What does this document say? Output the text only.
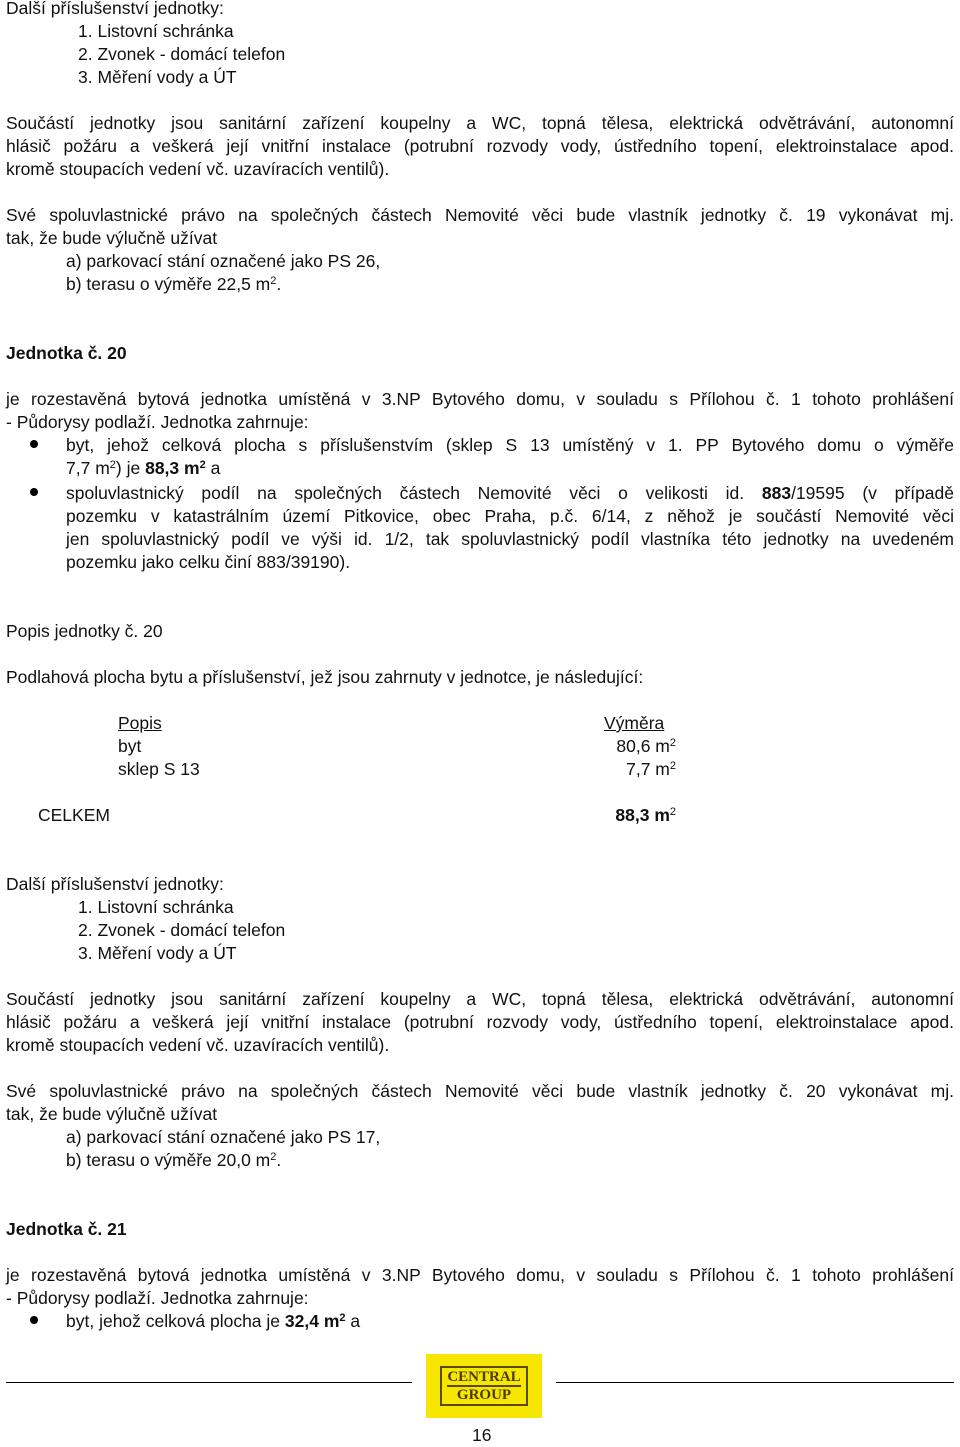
Další příslušenství jednotky:
1. Listovní schránka
2. Zvonek - domácí telefon
3. Měření vody a ÚT
Součástí jednotky jsou sanitární zařízení koupelny a WC, topná tělesa, elektrická odvětrávání, autonomní
hlásič požáru a veškerá její vnitřní instalace (potrubní rozvody vody, ústředního topení, elektroinstalace apod.
kromě stoupacích vedení vč. uzavíracích ventilů).
Své spoluvlastnické právo na společných částech Nemovité věci bude vlastník jednotky č. 19 vykonávat mj.
tak, že bude výlučně užívat
a) parkovací stání označené jako PS 26,
b) terasu o výměře 22,5 $m^2$.
Jednotka č. 20
je rozestavěná bytová jednotka umístěná v 3.NP Bytového domu, v souladu s Přílohou č. 1 tohoto prohlášení
- Půdorysy podlaží. Jednotka zahrnuje:
byt, jehož celková plocha s příslušenstvím (sklep S 13 umístěný v 1. PP Bytového domu o výměře
7,7 $m^2$) je 88,3 $m^2$ a
spoluvlastnický podíl na společných částech Nemovité věci o velikosti id. 883/19595 (v případě
pozemku v katastrálním území Pitkovice, obec Praha, p.č. 6/14, z něhož je součástí Nemovité věci
jen spoluvlastnický podíl ve výši id. 1/2, tak spoluvlastnický podíl vlastníka této jednotky na uvedeném
pozemku jako celku činí 883/39190).
Popis jednotky č. 20
Podlahová plocha bytu a příslušenství, jež jsou zahrnuty v jednotce, je následující:
Popis	Výměra
byt	80,6 $m^2$
sklep S 13	7,7 $m^2$
CELKEM	88,3 $m^2$
Další příslušenství jednotky:
1. Listovní schránka
2. Zvonek - domácí telefon
3. Měření vody a ÚT
Součástí jednotky jsou sanitární zařízení koupelny a WC, topná tělesa, elektrická odvětrávání, autonomní
hlásič požáru a veškerá její vnitřní instalace (potrubní rozvody vody, ústředního topení, elektroinstalace apod.
kromě stoupacích vedení vč. uzavíracích ventilů).
Své spoluvlastnické právo na společných částech Nemovité věci bude vlastník jednotky č. 20 vykonávat mj.
tak, že bude výlučně užívat
a) parkovací stání označené jako PS 17,
b) terasu o výměře 20,0 $m^2$.
Jednotka č. 21
je rozestavěná bytová jednotka umístěná v 3.NP Bytového domu, v souladu s Přílohou č. 1 tohoto prohlášení
- Půdorysy podlaží. Jednotka zahrnuje:
byt, jehož celková plocha je 32,4 $m^2$ a
CENTRAL
GROUP
16
